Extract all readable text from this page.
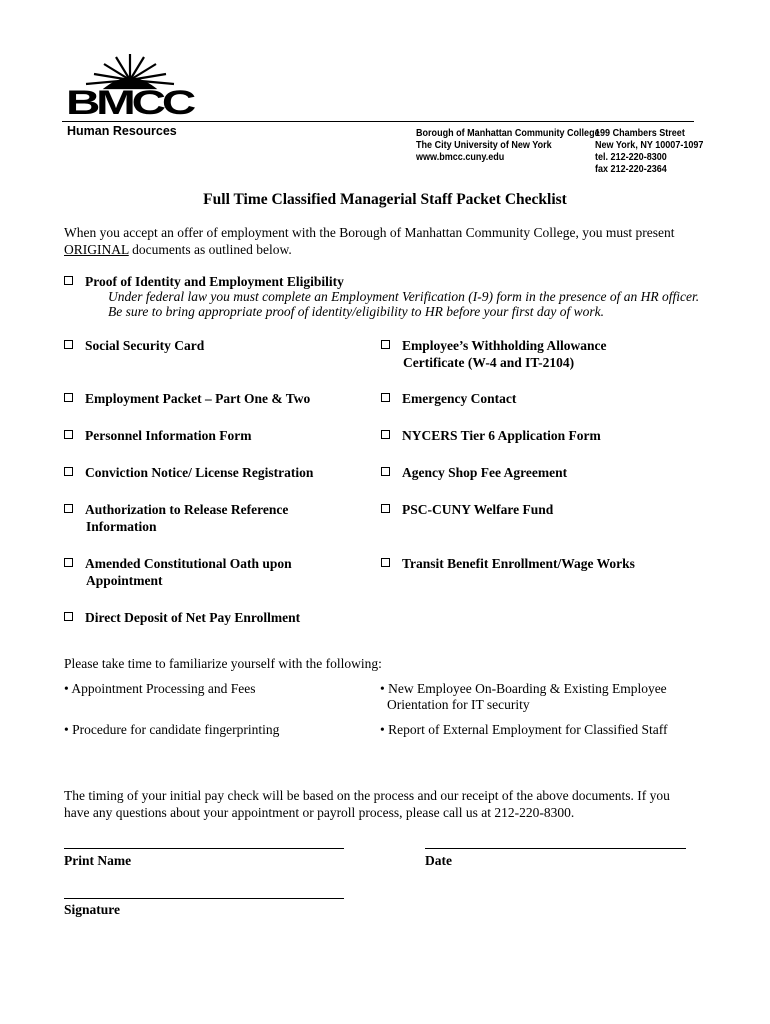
BMCC
Human Resources	Borough of Manhattan Community College
The City University of New York
www.bmcc.cuny.edu
199 Chambers Street
New York, NY 10007-1097
tel. 212-220-8300
fax 212-220-2364
Full Time Classified Managerial Staff Packet Checklist
When you accept an offer of employment with the Borough of Manhattan Community College, you must present
ORIGINAL documents as outlined below.
Proof of Identity and Employment Eligibility
Under federal law you must complete an Employment Verification (I-9) form in the presence of an HR officer. Be sure to bring appropriate proof of identity/eligibility to HR before your first day of work.
Social Security Card
Employment Packet – Part One & Two
Personnel Information Form
Conviction Notice/ License Registration
Authorization to Release Reference
Information
Amended Constitutional Oath upon
Appointment
Direct Deposit of Net Pay Enrollment
Employee’s Withholding Allowance
Certificate (W-4 and IT-2104)
Emergency Contact
NYCERS Tier 6 Application Form
Agency Shop Fee Agreement
PSC-CUNY Welfare Fund
Transit Benefit Enrollment/Wage Works
Please take time to familiarize yourself with the following:
• Appointment Processing and Fees
• Procedure for candidate fingerprinting
• New Employee On-Boarding & Existing Employee
Orientation for IT security
• Report of External Employment for Classified Staff
The timing of your initial pay check will be based on the process and our receipt of the above documents. If you have any questions about your appointment or payroll process, please call us at 212-220-8300.
Print Name	Date
Signature
